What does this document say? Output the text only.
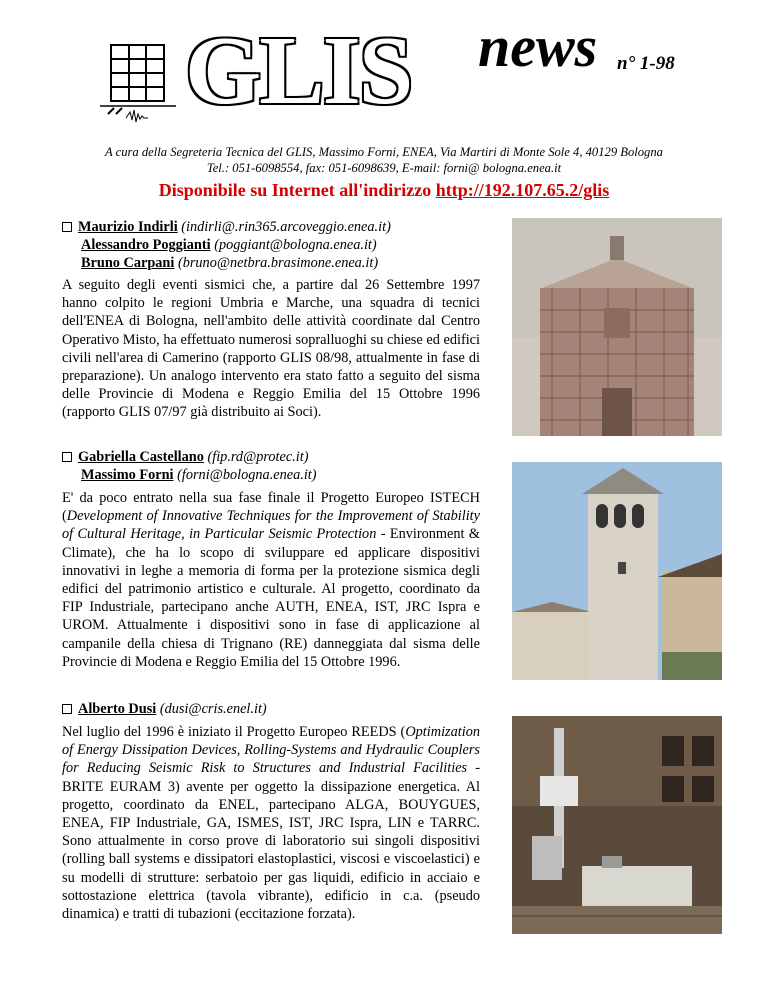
GLIS news n° 1-98
A cura della Segreteria Tecnica del GLIS, Massimo Forni, ENEA, Via Martiri di Monte Sole 4, 40129 Bologna
Tel.: 051-6098554, fax: 051-6098639, E-mail: forni@ bologna.enea.it
Disponibile su Internet all'indirizzo http://192.107.65.2/glis
Maurizio Indirli (indirli@.rin365.arcoveggio.enea.it)
Alessandro Poggianti (poggiant@bologna.enea.it)
Bruno Carpani (bruno@netbra.brasimone.enea.it)
A seguito degli eventi sismici che, a partire dal 26 Settembre 1997 hanno colpito le regioni Umbria e Marche, una squadra di tecnici dell'ENEA di Bologna, nell'ambito delle attività coordinate dal Centro Operativo Misto, ha effettuato numerosi sopralluoghi su chiese ed edifici civili nell'area di Camerino (rapporto GLIS 08/98, attualmente in fase di preparazione). Un analogo intervento era stato fatto a seguito del sisma delle Provincie di Modena e Reggio Emilia del 15 Ottobre 1996 (rapporto GLIS 07/97 già distribuito ai Soci).
Gabriella Castellano (fip.rd@protec.it)
Massimo Forni (forni@bologna.enea.it)
E' da poco entrato nella sua fase finale il Progetto Europeo ISTECH (Development of Innovative Techniques for the Improvement of Stability of Cultural Heritage, in Particular Seismic Protection - Environment & Climate), che ha lo scopo di sviluppare ed applicare dispositivi innovativi in leghe a memoria di forma per la protezione sismica degli edifici del patrimonio artistico e culturale. Al progetto, coordinato da FIP Industriale, partecipano anche AUTH, ENEA, IST, JRC Ispra e UROM. Attualmente i dispositivi sono in fase di applicazione al campanile della chiesa di Trignano (RE) danneggiata dal sisma delle Provincie di Modena e Reggio Emilia del 15 Ottobre 1996.
Alberto Dusi (dusi@cris.enel.it)
Nel luglio del 1996 è iniziato il Progetto Europeo REEDS (Optimization of Energy Dissipation Devices, Rolling-Systems and Hydraulic Couplers for Reducing Seismic Risk to Structures and Industrial Facilities - BRITE EURAM 3) avente per oggetto la dissipazione energetica. Al progetto, coordinato da ENEL, partecipano ALGA, BOUYGUES, ENEA, FIP Industriale, GA, ISMES, IST, JRC Ispra, LIN e TARRC. Sono attualmente in corso prove di laboratorio sui singoli dispositivi (rolling ball systems e dissipatori elastoplastici, viscosi e viscoelastici) e su modelli di strutture: serbatoio per gas liquidi, edificio in acciaio e sottostazione elettrica (tavola vibrante), edificio in c.a. (pseudo dinamica) e tratti di tubazioni (eccitazione forzata).
